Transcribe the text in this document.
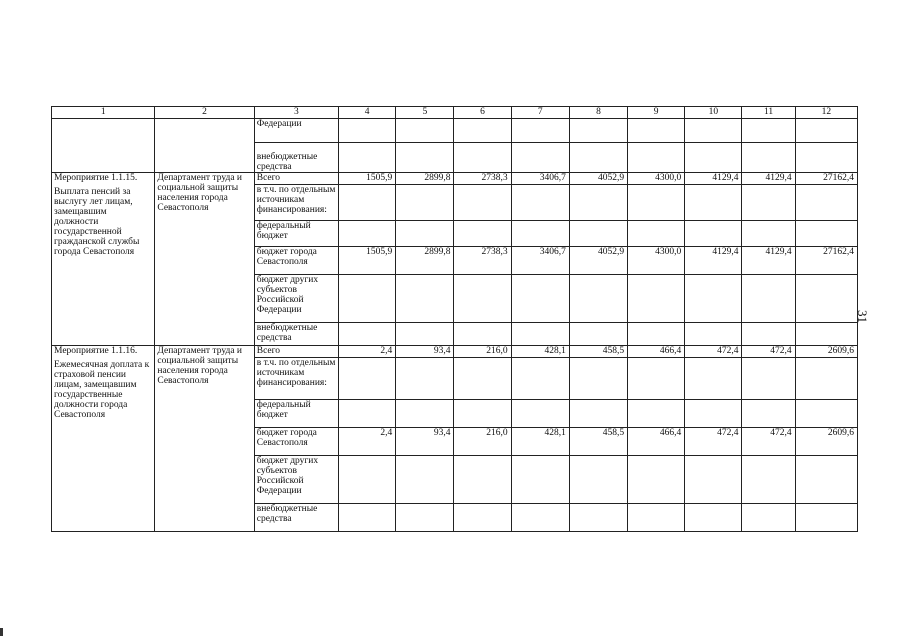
1	2	3	4	5	6	7	8	9	10	11	12
		Федерации									
		внебюджетные средства									

Мероприятие 1.1.15.
Выплата пенсий за выслугу лет лицам, замещавшим должности государственной гражданской службы города Севастополя	Департамент труда и социальной защиты населения города Севастополя	Всего	1505,9	2899,8	2738,3	3406,7	4052,9	4300,0	4129,4	4129,4	27162,4
		в т.ч. по отдельным источникам финансирования:									
		федеральный бюджет									
		бюджет города Севастополя	1505,9	2899,8	2738,3	3406,7	4052,9	4300,0	4129,4	4129,4	27162,4
		бюджет других субъектов Российской Федерации									
		внебюджетные средства									

Мероприятие 1.1.16.
Ежемесячная доплата к страховой пенсии лицам, замещавшим государственные должности города Севастополя	Департамент труда и социальной защиты населения города Севастополя	Всего	2,4	93,4	216,0	428,1	458,5	466,4	472,4	472,4	2609,6
		в т.ч. по отдельным источникам финансирования:									
		федеральный бюджет									
		бюджет города Севастополя	2,4	93,4	216,0	428,1	458,5	466,4	472,4	472,4	2609,6
		бюджет других субъектов Российской Федерации									
		внебюджетные средства									
31
